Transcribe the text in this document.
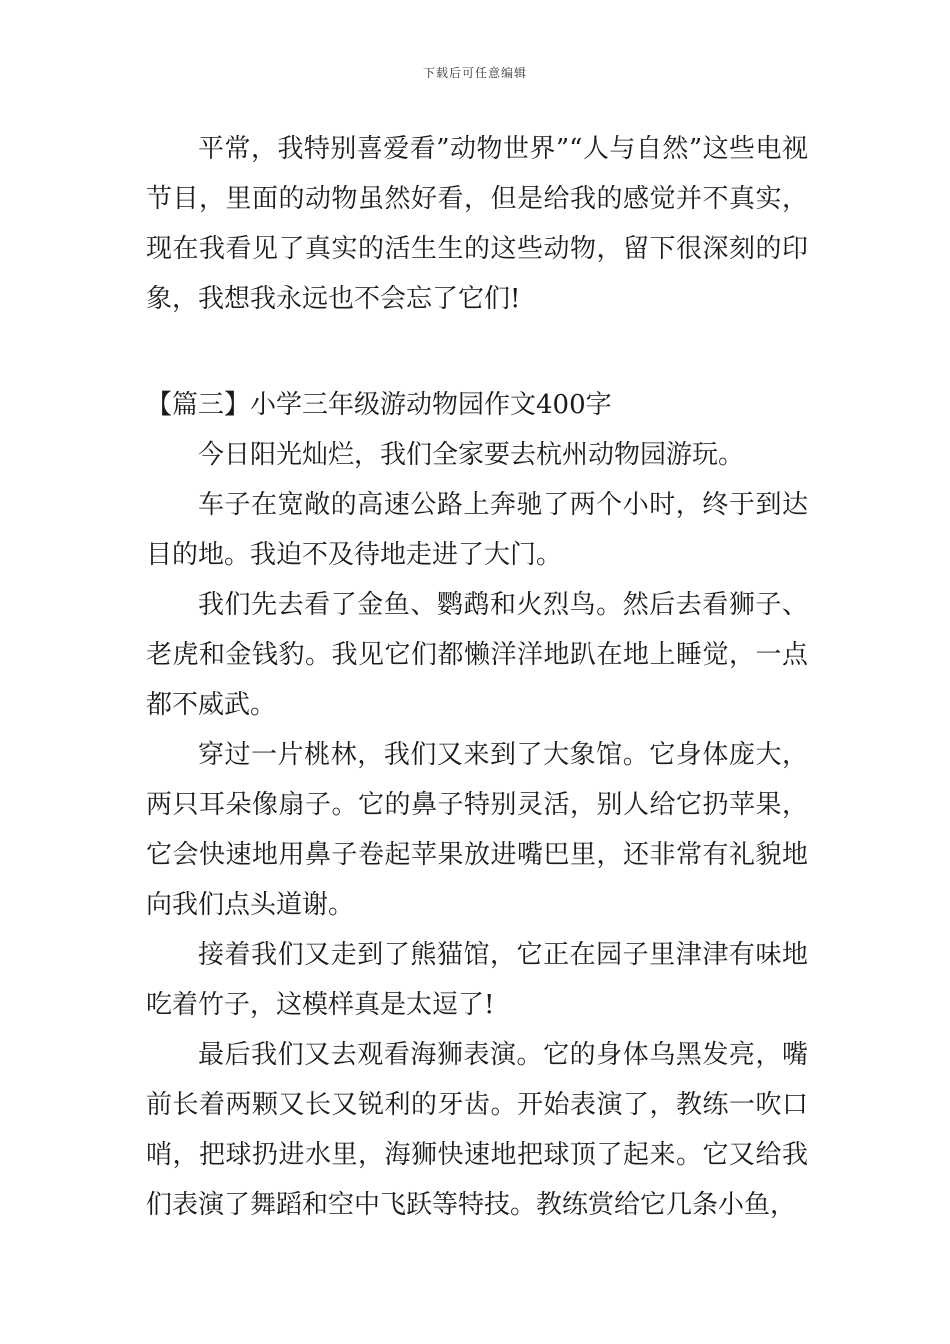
下载后可任意编辑

平常，我特别喜爱看”动物世界”“人与自然”这些电视节目，里面的动物虽然好看，但是给我的感觉并不真实，现在我看见了真实的活生生的这些动物，留下很深刻的印象，我想我永远也不会忘了它们!

【篇三】小学三年级游动物园作文400字

今日阳光灿烂，我们全家要去杭州动物园游玩。

车子在宽敞的高速公路上奔驰了两个小时，终于到达目的地。我迫不及待地走进了大门。

我们先去看了金鱼、鹦鹉和火烈鸟。然后去看狮子、老虎和金钱豹。我见它们都懒洋洋地趴在地上睡觉，一点都不威武。

穿过一片桃林，我们又来到了大象馆。它身体庞大，两只耳朵像扇子。它的鼻子特别灵活，别人给它扔苹果，它会快速地用鼻子卷起苹果放进嘴巴里，还非常有礼貌地向我们点头道谢。

接着我们又走到了熊猫馆，它正在园子里津津有味地吃着竹子，这模样真是太逗了!

最后我们又去观看海狮表演。它的身体乌黑发亮，嘴前长着两颗又长又锐利的牙齿。开始表演了，教练一吹口哨，把球扔进水里，海狮快速地把球顶了起来。它又给我们表演了舞蹈和空中飞跃等特技。教练赏给它几条小鱼，
